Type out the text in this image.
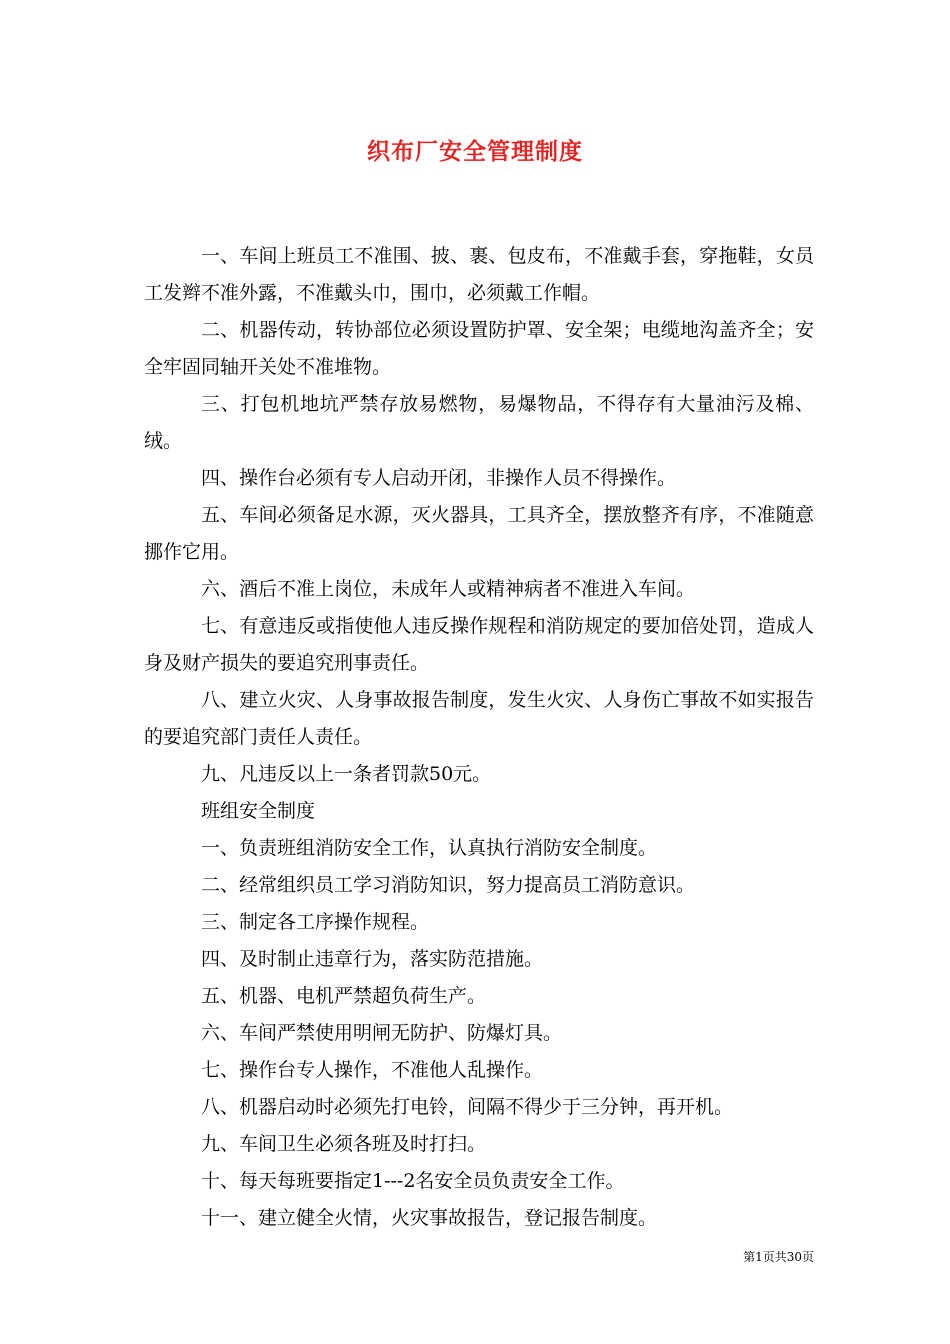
织布厂安全管理制度

一、车间上班员工不准围、披、裹、包皮布，不准戴手套，穿拖鞋，女员工发辫不准外露，不准戴头巾，围巾，必须戴工作帽。

二、机器传动，转协部位必须设置防护罩、安全架；电缆地沟盖齐全；安全牢固同轴开关处不准堆物。

三、打包机地坑严禁存放易燃物，易爆物品，不得存有大量油污及棉、绒。

四、操作台必须有专人启动开闭，非操作人员不得操作。

五、车间必须备足水源，灭火器具，工具齐全，摆放整齐有序，不准随意挪作它用。

六、酒后不准上岗位，未成年人或精神病者不准进入车间。

七、有意违反或指使他人违反操作规程和消防规定的要加倍处罚，造成人身及财产损失的要追究刑事责任。

八、建立火灾、人身事故报告制度，发生火灾、人身伤亡事故不如实报告的要追究部门责任人责任。

九、凡违反以上一条者罚款50元。

班组安全制度

一、负责班组消防安全工作，认真执行消防安全制度。

二、经常组织员工学习消防知识，努力提高员工消防意识。

三、制定各工序操作规程。

四、及时制止违章行为，落实防范措施。

五、机器、电机严禁超负荷生产。

六、车间严禁使用明闸无防护、防爆灯具。

七、操作台专人操作，不准他人乱操作。

八、机器启动时必须先打电铃，间隔不得少于三分钟，再开机。

九、车间卫生必须各班及时打扫。

十、每天每班要指定1---2名安全员负责安全工作。

十一、建立健全火情，火灾事故报告，登记报告制度。

第1页共30页
